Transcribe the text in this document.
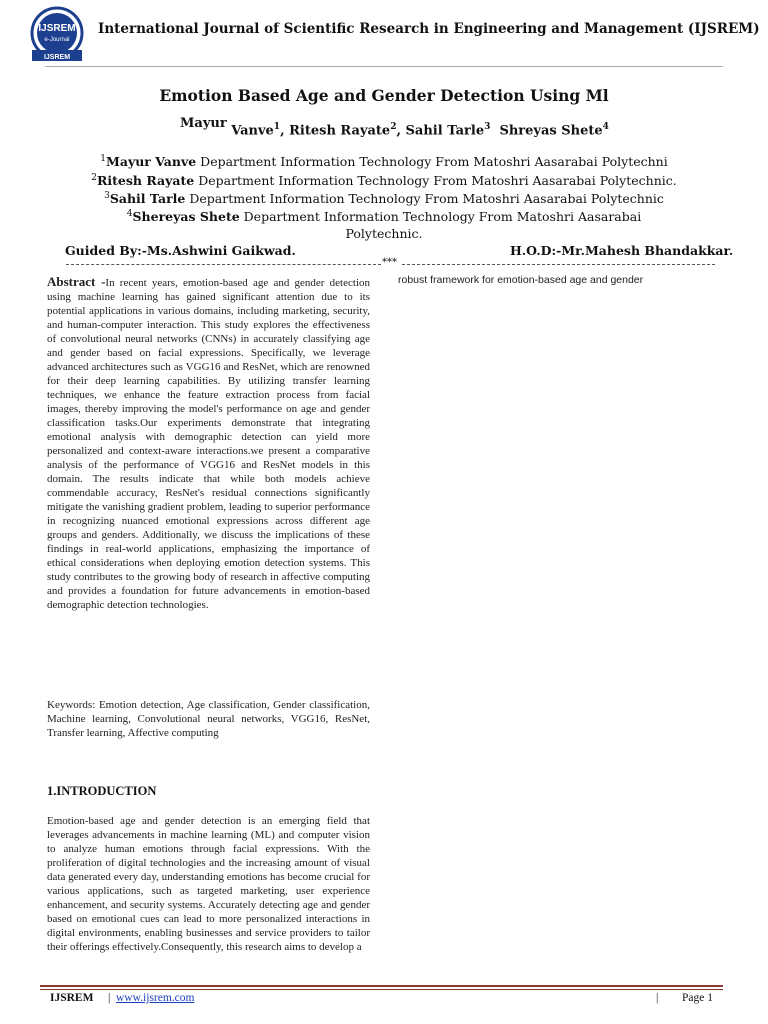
IJSREM
e-Journal
IJSREM
International Journal of Scientific Research in Engineering and Management (IJSREM)
Emotion Based Age and Gender Detection Using Ml
Mayur Vanve$^1$, Ritesh Rayate$^2$, Sahil Tarle$^3$  Shreyas Shete$^4$
$^1$Mayur Vanve Department Information Technology From Matoshri Aasarabai Polytechni
$^2$Ritesh Rayate Department Information Technology From Matoshri Aasarabai Polytechnic.
$^3$Sahil Tarle Department Information Technology From Matoshri Aasarabai Polytechnic
$^4$Shereyas Shete Department Information Technology From Matoshri Aasarabai
Polytechnic.
Guided By:-Ms.Ashwini Gaikwad.	H.O.D:-Mr.Mahesh Bhandakkar.
***
Abstract -In recent years, emotion-based age and gender detection using machine learning has gained significant attention due to its potential applications in various domains, including marketing, security, and human-computer interaction. This study explores the effectiveness of convolutional neural networks (CNNs) in accurately classifying age and gender based on facial expressions. Specifically, we leverage advanced architectures such as VGG16 and ResNet, which are renowned for their deep learning capabilities. By utilizing transfer learning techniques, we enhance the feature extraction process from facial images, thereby improving the model's performance on age and gender classification tasks.Our experiments demonstrate that integrating emotional analysis with demographic detection can yield more personalized and context-aware interactions.we present a comparative analysis of the performance of VGG16 and ResNet models in this domain. The results indicate that while both models achieve commendable accuracy, ResNet's residual connections significantly mitigate the vanishing gradient problem, leading to superior performance in recognizing nuanced emotional expressions across different age groups and genders. Additionally, we discuss the implications of these findings in real-world applications, emphasizing the importance of ethical considerations when deploying emotion detection systems. This study contributes to the growing body of research in affective computing and provides a foundation for future advancements in emotion-based demographic detection technologies.
Keywords: Emotion detection, Age classification, Gender classification, Machine learning, Convolutional neural networks, VGG16, ResNet, Transfer learning, Affective computing
1.INTRODUCTION
Emotion-based age and gender detection is an emerging field that leverages advancements in machine learning (ML) and computer vision to analyze human emotions through facial expressions. With the proliferation of digital technologies and the increasing amount of visual data generated every day, understanding emotions has become crucial for various applications, such as targeted marketing, user experience enhancement, and security systems. Accurately detecting age and gender based on emotional cues can lead to more personalized interactions in digital environments, enabling businesses and service providers to tailor their offerings effectively.Consequently, this research aims to develop a
robust framework for emotion-based age and gender
IJSREM | www.ijsrem.com	| Page 1
